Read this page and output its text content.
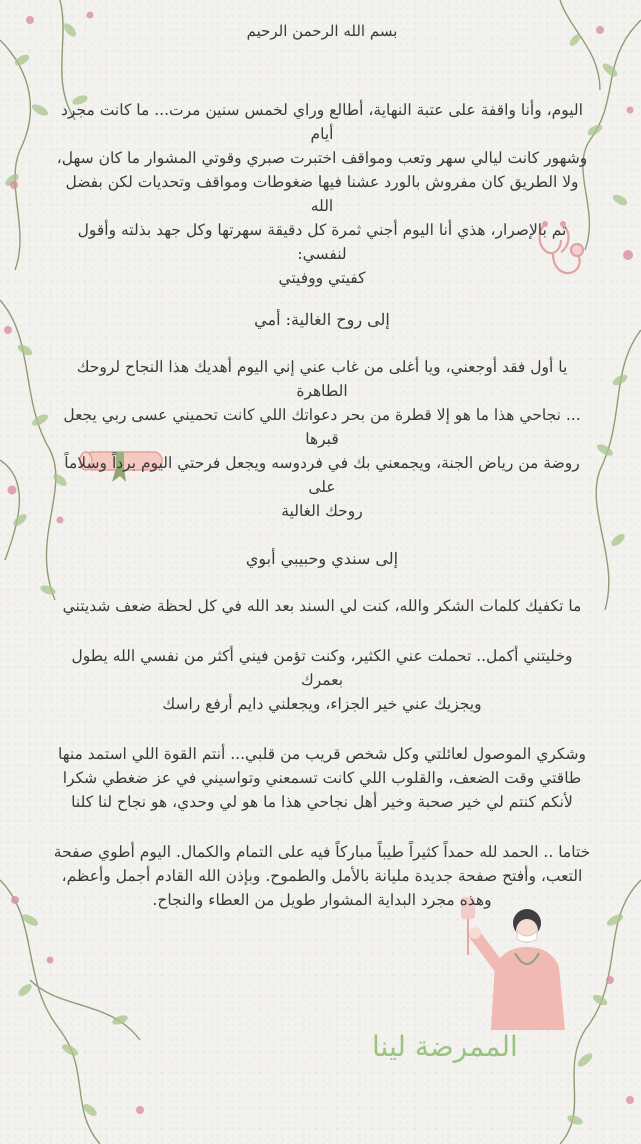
بسم الله الرحمن الرحيم

اليوم، وأنا واقفة على عتبة النهاية، أطالع وراي لخمس سنين مرت... ما كانت مجرد أيام

وشهور كانت ليالي سهر وتعب ومواقف اختبرت صبري وقوتي المشوار ما كان سهل،

ولا الطريق كان مفروش بالورد عشنا فيها ضغوطات ومواقف وتحديات لكن بفضل الله

تم بالإصرار، هذي أنا اليوم أجني ثمرة كل دقيقة سهرتها وكل جهد بذلته وأقول لنفسي:

كفيتي ووفيتي

إلى روح الغالية: أمي

يا أول فقد أوجعني، ويا أغلى من غاب عني إني اليوم أهديك هذا النجاح لروحك الطاهرة

... نجاحي هذا ما هو إلا قطرة من بحر دعواتك اللي كانت تحميني عسى ربي يجعل قبرها

روضة من رياض الجنة، ويجمعني بك في فردوسه ويجعل فرحتي اليوم برداً وسلاماً على

روحك الغالية

إلى سندي وحبيبي أبوي

ما تكفيك كلمات الشكر والله، كنت لي السند بعد الله في كل لحظة ضعف شديتني

وخليتني أكمل.. تحملت عني الكثير، وكنت تؤمن فيني أكثر من نفسي الله يطول

بعمرك

ويجزيك عني خير الجزاء، ويجعلني دايم أرفع راسك

وشكري الموصول لعائلتي وكل شخص قريب من قلبي... أنتم القوة اللي استمد منها

طاقتي وقت الضعف، والقلوب اللي كانت تسمعني وتواسيني في عز ضغطي شكرا

لأنكم كنتم لي خير صحبة وخير أهل نجاحي هذا ما هو لي وحدي، هو نجاح لنا كلنا

ختاما .. الحمد لله حمداً كثيراً طيباً مباركاً فيه على التمام والكمال. اليوم أطوي صفحة

التعب، وأفتح صفحة جديدة مليانة بالأمل والطموح. وبإذن الله القادم أجمل وأعظم،

وهذه مجرد البداية المشوار طويل من العطاء والنجاح.

الممرضة لينا
